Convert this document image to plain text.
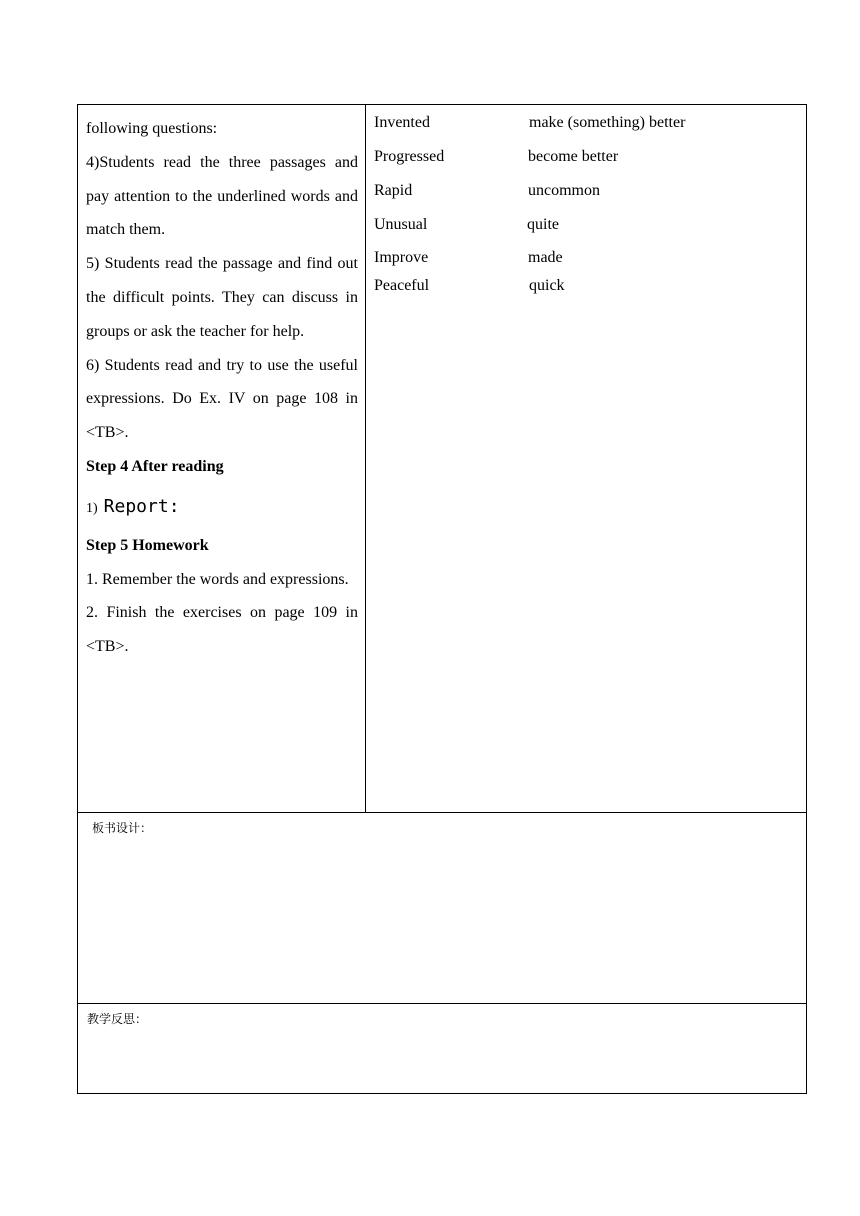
following questions:

4)Students read the three passages and pay attention to the underlined words and match them.

5) Students read the passage and find out the difficult points. They can discuss in groups or ask the teacher for help.

6) Students read and try to use the useful expressions. Do Ex. IV on page 108 in <TB>.

Step 4 After reading

1) Report:

Step 5 Homework

1. Remember the words and expressions.

2. Finish the exercises on page 109 in <TB>.

Invented	make (something) better
Progressed	become better
Rapid	uncommon
Unusual	quite
Improve	made
Peaceful	quick
板书设计：
教学反思：
